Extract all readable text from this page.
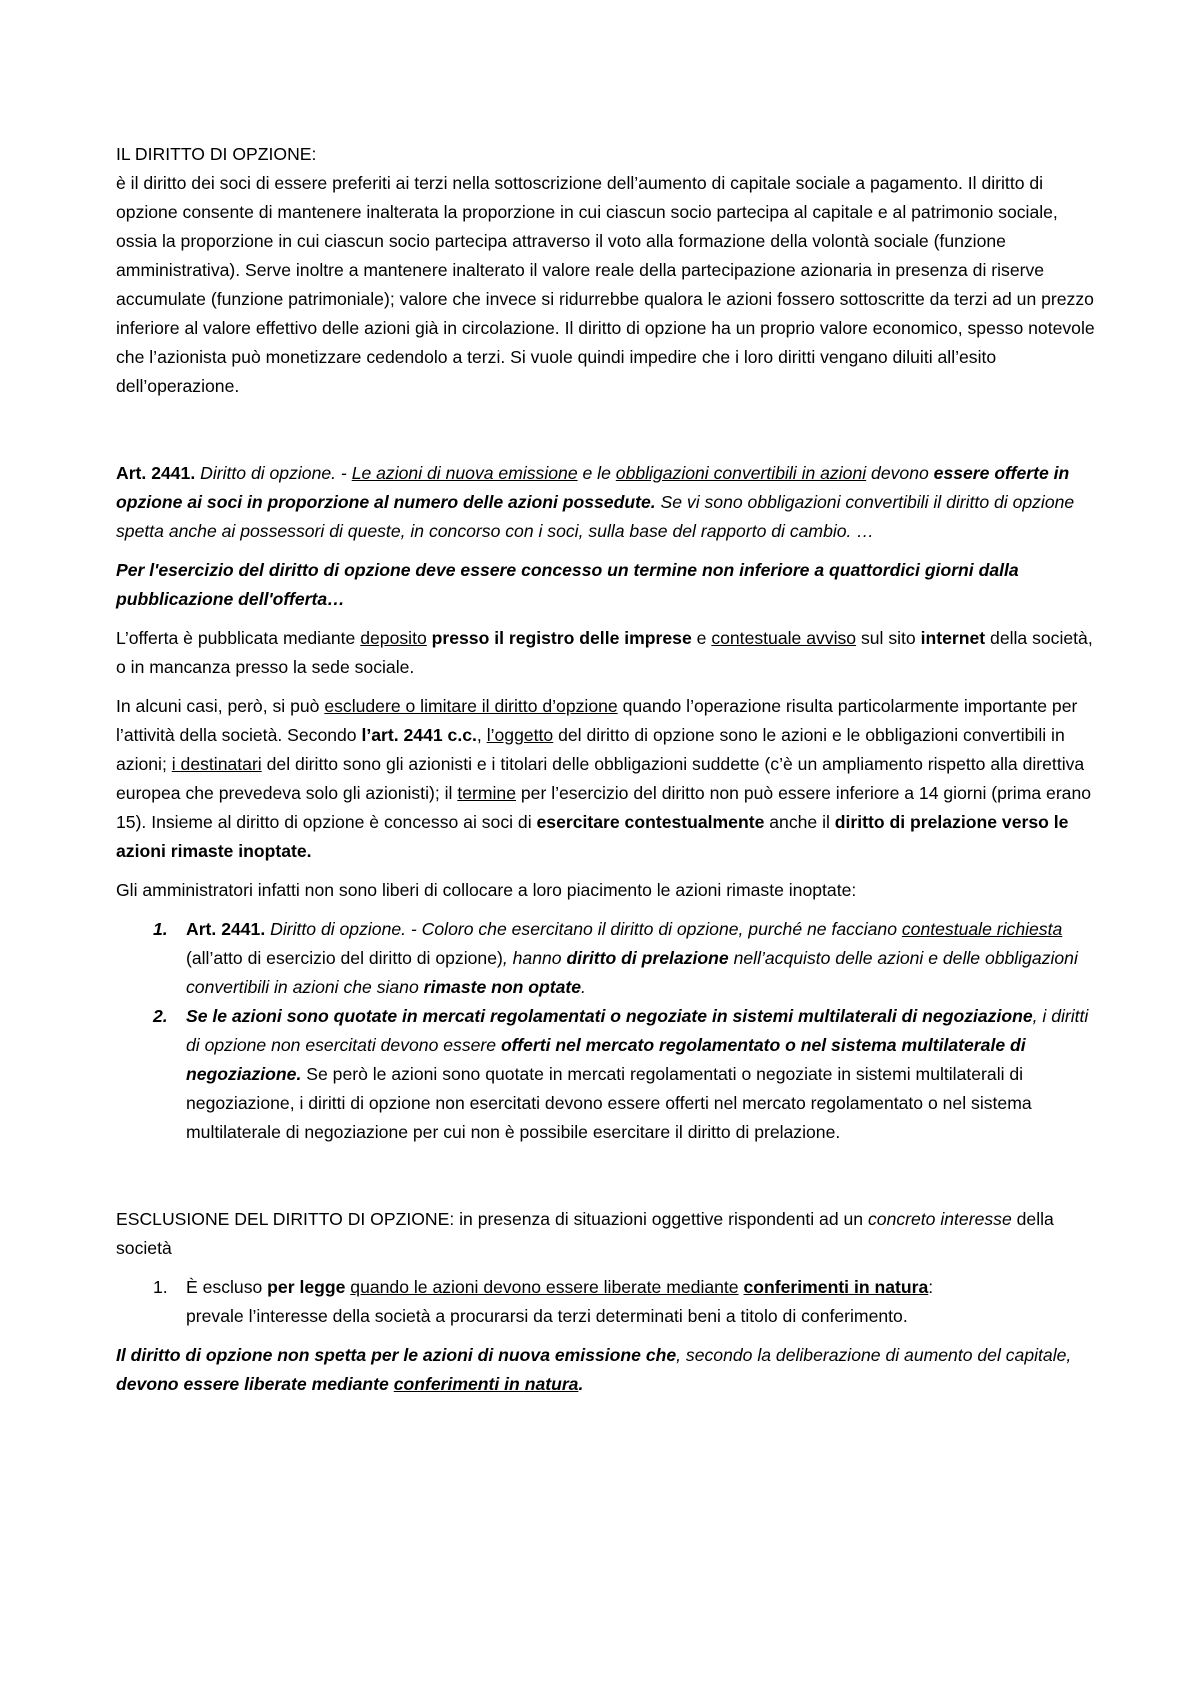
IL DIRITTO DI OPZIONE:

è il diritto dei soci di essere preferiti ai terzi nella sottoscrizione dell’aumento di capitale sociale a pagamento. Il diritto di opzione consente di mantenere inalterata la proporzione in cui ciascun socio partecipa al capitale e al patrimonio sociale, ossia la proporzione in cui ciascun socio partecipa attraverso il voto alla formazione della volontà sociale (funzione amministrativa). Serve inoltre a mantenere inalterato il valore reale della partecipazione azionaria in presenza di riserve accumulate (funzione patrimoniale); valore che invece si ridurrebbe qualora le azioni fossero sottoscritte da terzi ad un prezzo inferiore al valore effettivo delle azioni già in circolazione. Il diritto di opzione ha un proprio valore economico, spesso notevole che l’azionista può monetizzare cedendolo a terzi. Si vuole quindi impedire che i loro diritti vengano diluiti all’esito dell’operazione.

Art. 2441. Diritto di opzione. - Le azioni di nuova emissione e le obbligazioni convertibili in azioni devono essere offerte in opzione ai soci in proporzione al numero delle azioni possedute. Se vi sono obbligazioni convertibili il diritto di opzione spetta anche ai possessori di queste, in concorso con i soci, sulla base del rapporto di cambio. …

Per l'esercizio del diritto di opzione deve essere concesso un termine non inferiore a quattordici giorni dalla pubblicazione dell'offerta…

L’offerta è pubblicata mediante deposito presso il registro delle imprese e contestuale avviso sul sito internet della società, o in mancanza presso la sede sociale.

In alcuni casi, però, si può escludere o limitare il diritto d’opzione quando l’operazione risulta particolarmente importante per l’attività della società. Secondo l’art. 2441 c.c., l’oggetto del diritto di opzione sono le azioni e le obbligazioni convertibili in azioni; i destinatari del diritto sono gli azionisti e i titolari delle obbligazioni suddette (c’è un ampliamento rispetto alla direttiva europea che prevedeva solo gli azionisti); il termine per l’esercizio del diritto non può essere inferiore a 14 giorni (prima erano 15). Insieme al diritto di opzione è concesso ai soci di esercitare contestualmente anche il diritto di prelazione verso le azioni rimaste inoptate.

Gli amministratori infatti non sono liberi di collocare a loro piacimento le azioni rimaste inoptate:

1. Art. 2441. Diritto di opzione. - Coloro che esercitano il diritto di opzione, purché ne facciano contestuale richiesta (all’atto di esercizio del diritto di opzione), hanno diritto di prelazione nell’acquisto delle azioni e delle obbligazioni convertibili in azioni che siano rimaste non optate.
2. Se le azioni sono quotate in mercati regolamentati o negoziate in sistemi multilaterali di negoziazione, i diritti di opzione non esercitati devono essere offerti nel mercato regolamentato o nel sistema multilaterale di negoziazione. Se però le azioni sono quotate in mercati regolamentati o negoziate in sistemi multilaterali di negoziazione, i diritti di opzione non esercitati devono essere offerti nel mercato regolamentato o nel sistema multilaterale di negoziazione per cui non è possibile esercitare il diritto di prelazione.

ESCLUSIONE DEL DIRITTO DI OPZIONE: in presenza di situazioni oggettive rispondenti ad un concreto interesse della società

1. È escluso per legge quando le azioni devono essere liberate mediante conferimenti in natura:
prevale l’interesse della società a procurarsi da terzi determinati beni a titolo di conferimento.

Il diritto di opzione non spetta per le azioni di nuova emissione che, secondo la deliberazione di aumento del capitale, devono essere liberate mediante conferimenti in natura.
